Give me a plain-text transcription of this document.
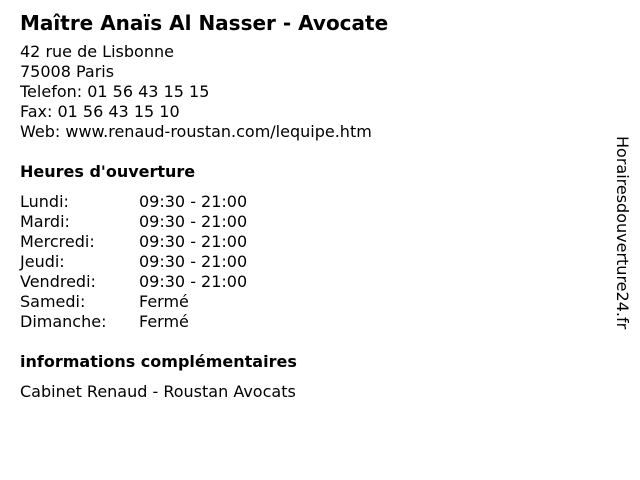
Maître Anaïs Al Nasser - Avocate
42 rue de Lisbonne
75008 Paris
Telefon: 01 56 43 15 15
Fax: 01 56 43 15 10
Web: www.renaud-roustan.com/lequipe.htm
Heures d'ouverture
Lundi:	09:30 - 21:00
Mardi:	09:30 - 21:00
Mercredi:	09:30 - 21:00
Jeudi:	09:30 - 21:00
Vendredi:	09:30 - 21:00
Samedi:	Fermé
Dimanche:	Fermé
informations complémentaires
Cabinet Renaud - Roustan Avocats
Horairesdouverture24.fr
